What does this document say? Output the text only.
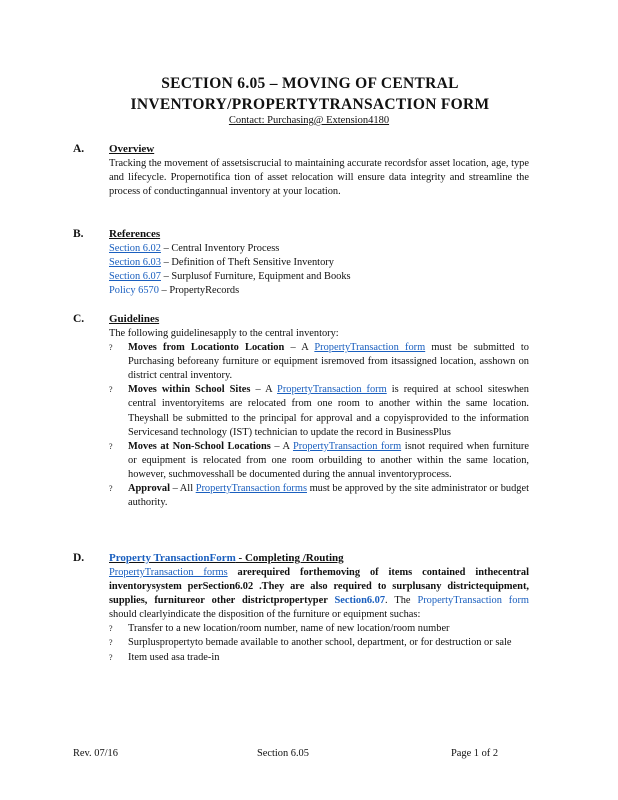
SECTION 6.05 – MOVING OF CENTRAL
INVENTORY/PROPERTYTRANSACTION FORM
Contact: Purchasing@ Extension4180
A. Overview

Tracking the movement of assetsiscrucial to maintaining accurate recordsfor asset location, age, type and lifecycle. Propernotifica tion of asset relocation will ensure data integrity and streamline the process of conductingannual inventory at your location.

B. References
Section 6.02 – Central Inventory Process
Section 6.03 – Definition of Theft Sensitive Inventory
Section 6.07 – Surplusof Furniture, Equipment and Books
Policy 6570 – PropertyRecords
C. Guidelines

The following guidelinesapply to the central inventory:

? Moves from Locationto Location – A PropertyTransaction form must be submitted to Purchasing beforeany furniture or equipment isremoved from itsassigned location, asshown on district central inventory.
? Moves within School Sites – A PropertyTransaction form is required at school siteswhen central inventoryitems are relocated from one room to another within the same location. Theyshall be submitted to the principal for approval and a copyisprovided to the information Servicesand technology (IST) technician to update the record in BusinessPlus
? Moves at Non-School Locations – A PropertyTransaction form isnot required when furniture or equipment is relocated from one room orbuilding to another within the same location, however, suchmovesshall be documented during the annual inventoryprocess.
? Approval – All PropertyTransaction forms must be approved by the site administrator or budget authority.
D. Property TransactionForm - Completing /Routing

PropertyTransaction forms arerequired forthemoving of items contained inthecentral inventorysystem perSection6.02 .They are also required to surplusany districtequipment, supplies, furnitureor other districtpropertyper Section6.07. The PropertyTransaction form should clearlyindicate the disposition of the furniture or equipment suchas:

? Transfer to a new location/room number, name of new location/room number
? Surpluspropertyto bemade available to another school, department, or for destruction or sale
? Item used asa trade-in
Rev. 07/16	Section 6.05	Page 1 of 2
